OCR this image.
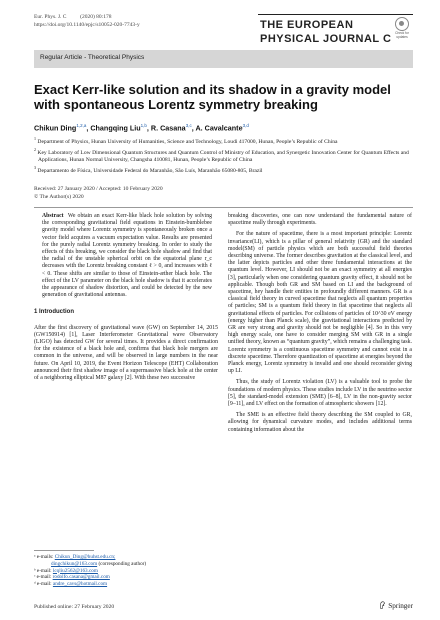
Eur. Phys. J. C          (2020) 80:178
https://doi.org/10.1140/epjc/s10052-020-7743-y	THE EUROPEAN
PHYSICAL JOURNAL C	Check for updates
Regular Article - Theoretical Physics
Exact Kerr-like solution and its shadow in a gravity model with spontaneous Lorentz symmetry breaking
Chikun Ding$^{1,2,a}$, Changqing Liu$^{1,b}$, R. Casana$^{3,c}$, A. Cavalcante$^{3,d}$
$^1$ Department of Physics, Hunan University of Humanities, Science and Technology, Loudi 417000, Hunan, People’s Republic of China
$^2$ Key Laboratory of Low Dimensional Quantum Structures and Quantum Control of Ministry of Education, and Synergetic Innovation Center for Quantum Effects and Applications, Hunan Normal University, Changsha 410081, Hunan, People’s Republic of China
$^3$ Departamento de Física, Universidade Federal do Maranhão, São Luís, Maranhão 65080-805, Brazil
Received: 27 January 2020 / Accepted: 10 February 2020
© The Author(s) 2020

Abstract We obtain an exact Kerr-like black hole solution by solving the corresponding gravitational field equations in Einstein-bumblebee gravity model where Lorentz symmetry is spontaneously broken once a vector field acquires a vacuum expectation value. Results are presented for the purely radial Lorentz symmetry breaking. In order to study the effects of this breaking, we consider the black hole shadow and find that the radial of the unstable spherical orbit on the equatorial plane r_c decreases with the Lorentz breaking constant ℓ > 0, and increases with ℓ < 0. These shifts are similar to those of Einstein-æther black hole. The effect of the LV parameter on the black hole shadow is that it accelerates the appearance of shadow distortion, and could be detected by the new generation of gravitational antennas.

1 Introduction

After the first discovery of gravitational wave (GW) on September 14, 2015 (GW150914) [1], Laser Interferometer Gravitational wave Observatory (LIGO) has detected GW for several times. It provides a direct confirmation for the existence of a black hole and, confirms that black hole mergers are common in the universe, and will be observed in large numbers in the near future. On April 10, 2019, the Event Horizon Telescope (EHT) Collaboration announced their first shadow image of a supermassive black hole at the center of a neighboring elliptical M87 galaxy [2]. With these two successive

ᵃ e-mails: Chikun_Ding@huhst.edu.cn;
dingchikun@163.com (corresponding author)
ᵇ e-mail: lcqliu2562@163.com
ᶜ e-mail: rodolfo.casana@gmail.com
ᵈ e-mail: andre_cavs@hotmail.com

breaking discoveries, one can now understand the fundamental nature of spacetime really through experiments.

For the nature of spacetime, there is a most important principle: Lorentz invariance(LI), which is a pillar of general relativity (GR) and the standard model(SM) of particle physics which are both successful field theories describing universe. The former describes gravitation at the classical level, and the latter depicts particles and other three fundamental interactions at the quantum level. However, LI should not be an exact symmetry at all energies [3], particularly when one considering quantum gravity effect, it should not be applicable. Though both GR and SM based on LI and the background of spacetime, hey handle their entities in profoundly different manners. GR is a classical field theory in curved spacetime that neglects all quantum properties of particles; SM is a quantum field theory in flat spacetime that neglects all gravitational effects of particles. For collisions of particles of 10^30 eV energy (energy higher than Planck scale), the gravitational interactions predicted by GR are very strong and gravity should not be negligible [4]. So in this very high energy scale, one have to consider merging SM with GR in a single unified theory, known as “quantum gravity”, which remains a challenging task. Lorentz symmetry is a continuous spacetime symmetry and cannot exist in a discrete spacetime. Therefore quantization of spacetime at energies beyond the Planck energy, Lorentz symmetry is invalid and one should reconsider giving up LI.

Thus, the study of Lorentz violation (LV) is a valuable tool to probe the foundations of modern physics. These studies include LV in the neutrino sector [5], the standard-model extension (SME) [6–8], LV in the non-gravity sector [9–11], and LV effect on the formation of atmospheric showers [12].

The SME is an effective field theory describing the SM coupled to GR, allowing for dynamical curvature modes, and includes additional terms containing information about the

Published online: 27 February 2020	Springer
